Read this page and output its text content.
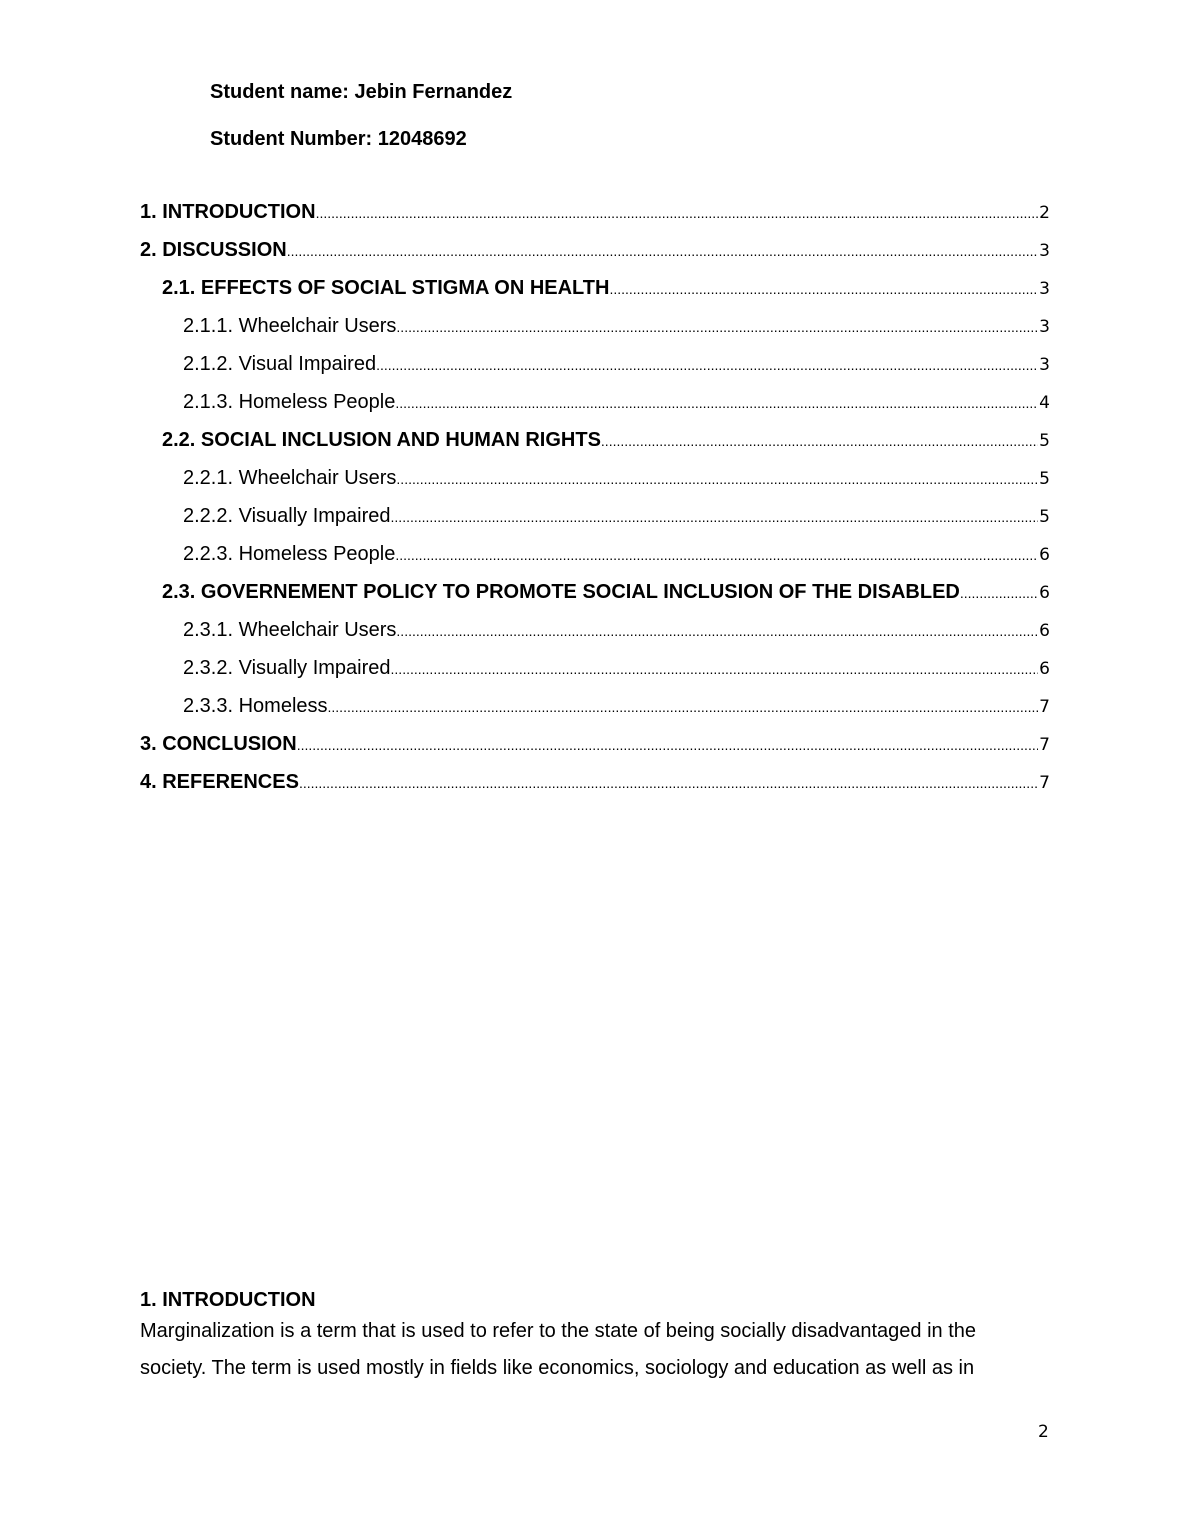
Student name: Jebin Fernandez
Student Number: 12048692
1. INTRODUCTION .....	2
2. DISCUSSION .....	3
2.1. EFFECTS OF SOCIAL STIGMA ON HEALTH .....	3
2.1.1. Wheelchair Users .....	3
2.1.2. Visual Impaired .....	3
2.1.3. Homeless People .....	4
2.2. SOCIAL INCLUSION AND HUMAN RIGHTS .....	5
2.2.1. Wheelchair Users .....	5
2.2.2. Visually Impaired .....	5
2.2.3. Homeless People .....	6
2.3. GOVERNEMENT POLICY TO PROMOTE SOCIAL INCLUSION OF THE DISABLED .....	6
2.3.1. Wheelchair Users .....	6
2.3.2. Visually Impaired .....	6
2.3.3. Homeless .....	7
3. CONCLUSION .....	7
4. REFERENCES .....	7
1. INTRODUCTION
Marginalization is a term that is used to refer to the state of being socially disadvantaged in the
society. The term is used mostly in fields like economics, sociology and education as well as in
2
